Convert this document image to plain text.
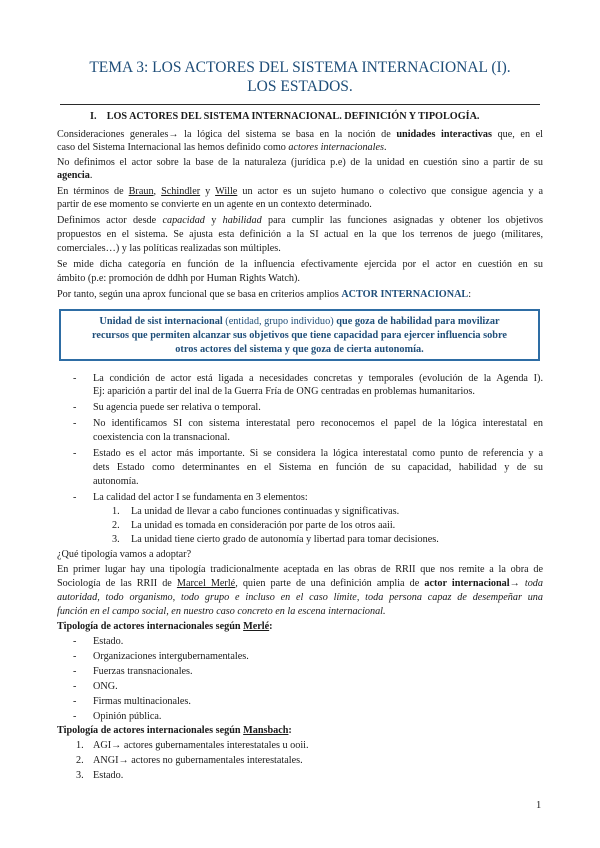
TEMA 3: LOS ACTORES DEL SISTEMA INTERNACIONAL (I).

LOS ESTADOS.

I. LOS ACTORES DEL SISTEMA INTERNACIONAL. DEFINICIÓN Y TIPOLOGÍA.

Consideraciones generales→ la lógica del sistema se basa en la noción de unidades interactivas que, en el

caso del Sistema Internacional las hemos definido como actores internacionales.

No definimos el actor sobre la base de la naturaleza (jurídica p.e) de la unidad en cuestión sino a partir de su

agencia.

En términos de Braun, Schindler y Wille un actor es un sujeto humano o colectivo que consigue agencia y a

partir de ese momento se convierte en un agente en un contexto determinado.

Definimos actor desde capacidad y habilidad para cumplir las funciones asignadas y obtener los objetivos

propuestos en el sistema. Se ajusta esta definición a la SI actual en la que los terrenos de juego (militares,

comerciales…) y las políticas realizadas son múltiples.

Se mide dicha categoría en función de la influencia efectivamente ejercida por el actor en cuestión en su

ámbito (p.e: promoción de ddhh por Human Rights Watch).

Por tanto, según una aprox funcional que se basa en criterios amplios ACTOR INTERNACIONAL:

Unidad de sist internacional (entidad, grupo individuo) que goza de habilidad para movilizar
recursos que permiten alcanzar sus objetivos que tiene capacidad para ejercer influencia sobre
otros actores del sistema y que goza de cierta autonomía.
- La condición de actor está ligada a necesidades concretas y temporales (evolución de la Agenda I).
Ej: aparición a partir del inal de la Guerra Fría de ONG centradas en problemas humanitarios.
- Su agencia puede ser relativa o temporal.
- No identificamos SI con sistema interestatal pero reconocemos el papel de la lógica interestatal en
coexistencia con la transnacional.
- Estado es el actor más importante. Si se considera la lógica interestatal como punto de referencia y a
dets Estado como determinantes en el Sistema en función de su capacidad, habilidad y de su
autonomía.
- La calidad del actor I se fundamenta en 3 elementos:
1. La unidad de llevar a cabo funciones continuadas y significativas.
2. La unidad es tomada en consideración por parte de los otros aaii.
3. La unidad tiene cierto grado de autonomía y libertad para tomar decisiones.

¿Qué tipología vamos a adoptar?

En primer lugar hay una tipología tradicionalmente aceptada en las obras de RRII que nos remite a la obra de

Sociología de las RRII de Marcel Merlé, quien parte de una definición amplia de actor internacional→ toda

autoridad, todo organismo, todo grupo e incluso en el caso límite, toda persona capaz de desempeñar una

función en el campo social, en nuestro caso concreto en la escena internacional.

Tipología de actores internacionales según Merlé:

- Estado.
- Organizaciones intergubernamentales.
- Fuerzas transnacionales.
- ONG.
- Firmas multinacionales.
- Opinión pública.

Tipología de actores internacionales según Mansbach:

1. AGI→ actores gubernamentales interestatales u ooii.
2. ANGI→ actores no gubernamentales interestatales.
3. Estado.
1
